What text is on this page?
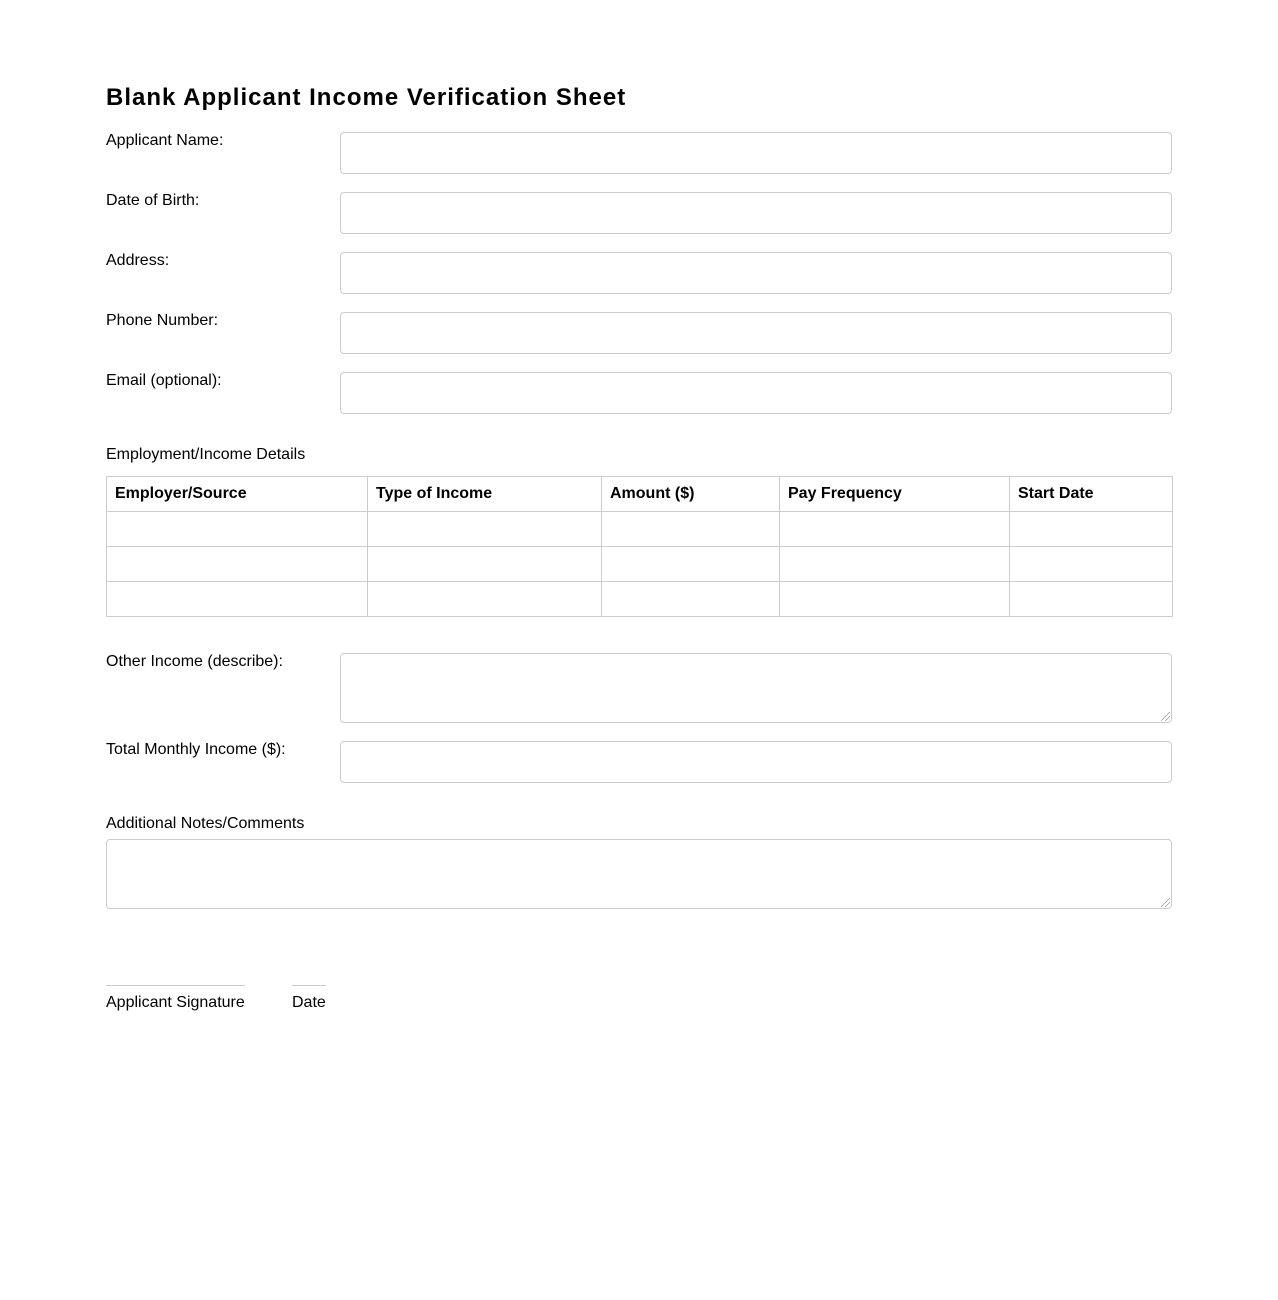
Blank Applicant Income Verification Sheet
Applicant Name:
Date of Birth:
Address:
Phone Number:
Email (optional):
Employment/Income Details
Employer/Source	Type of Income	Amount ($)	Pay Frequency	Start Date

Other Income (describe):
Total Monthly Income ($):
Additional Notes/Comments
Applicant Signature	Date
